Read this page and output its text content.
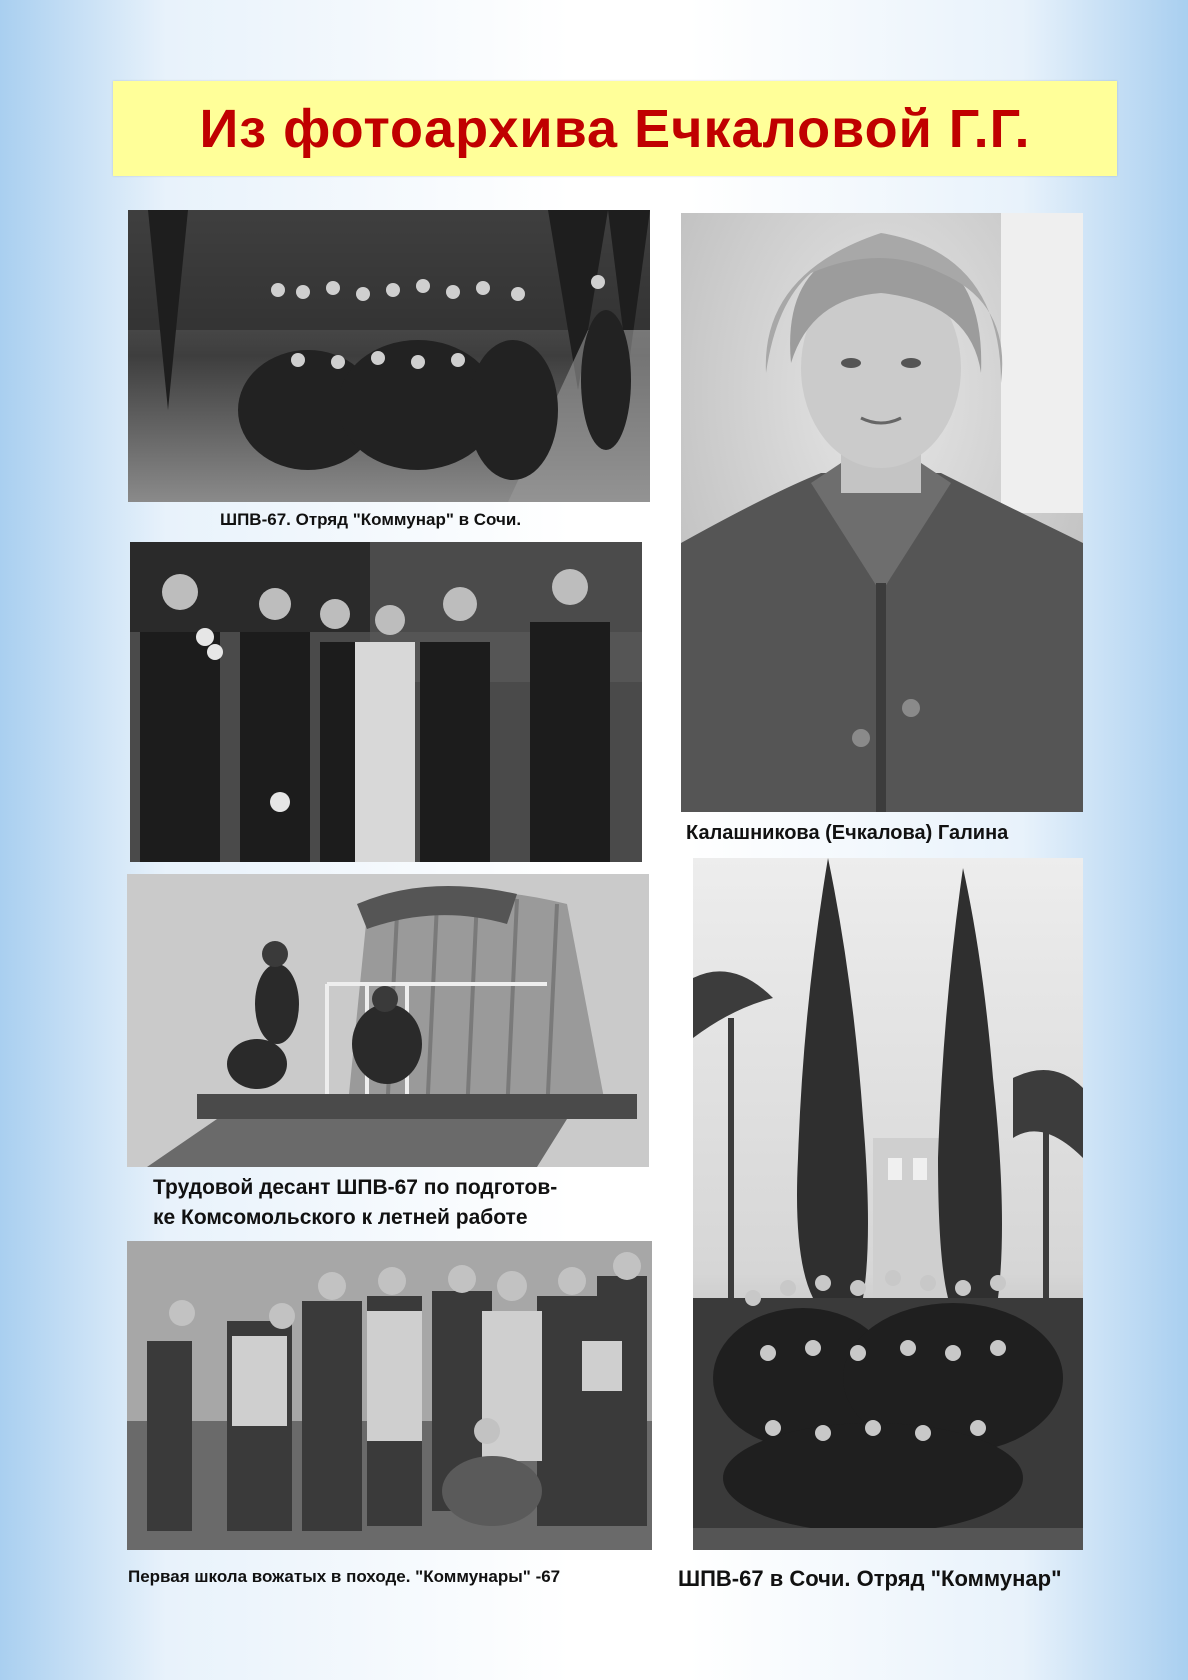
Из фотоархива Ечкаловой Г.Г.
ШПВ-67. Отряд "Коммунар" в Сочи.
Калашникова (Ечкалова) Галина
Трудовой десант ШПВ-67 по подготов-
ке Комсомольского к летней работе
Первая школа вожатых в походе. "Коммунары" -67	ШПВ-67 в Сочи. Отряд "Коммунар"
